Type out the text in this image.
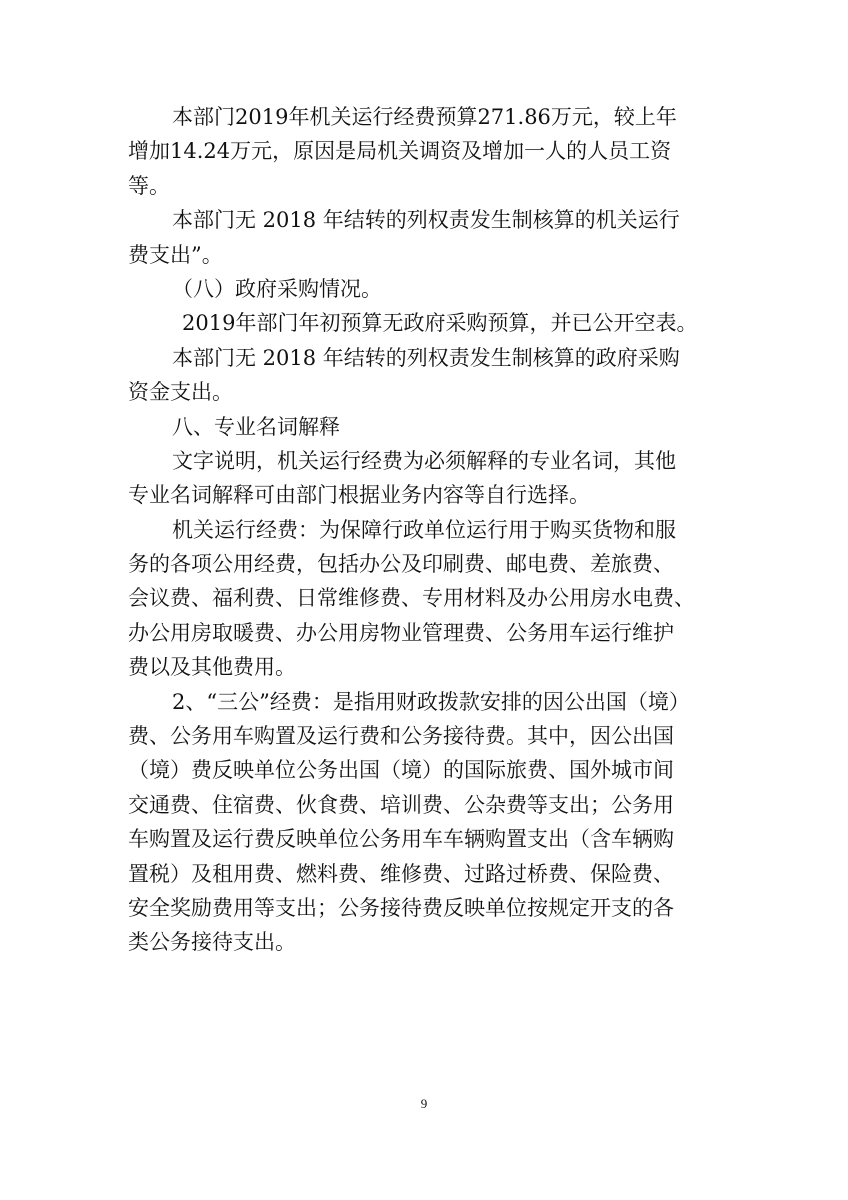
本部门2019年机关运行经费预算271.86万元，较上年
增加14.24万元，原因是局机关调资及增加一人的人员工资
等。
本部门无 2018 年结转的列权责发生制核算的机关运行
费支出”。
（八）政府采购情况。
2019年部门年初预算无政府采购预算，并已公开空表。
本部门无 2018 年结转的列权责发生制核算的政府采购
资金支出。
八、专业名词解释
文字说明，机关运行经费为必须解释的专业名词，其他
专业名词解释可由部门根据业务内容等自行选择。
机关运行经费：为保障行政单位运行用于购买货物和服
务的各项公用经费，包括办公及印刷费、邮电费、差旅费、
会议费、福利费、日常维修费、专用材料及办公用房水电费、
办公用房取暖费、办公用房物业管理费、公务用车运行维护
费以及其他费用。
2、“三公”经费：是指用财政拨款安排的因公出国（境）
费、公务用车购置及运行费和公务接待费。其中，因公出国
（境）费反映单位公务出国（境）的国际旅费、国外城市间
交通费、住宿费、伙食费、培训费、公杂费等支出；公务用
车购置及运行费反映单位公务用车车辆购置支出（含车辆购
置税）及租用费、燃料费、维修费、过路过桥费、保险费、
安全奖励费用等支出；公务接待费反映单位按规定开支的各
类公务接待支出。
9
